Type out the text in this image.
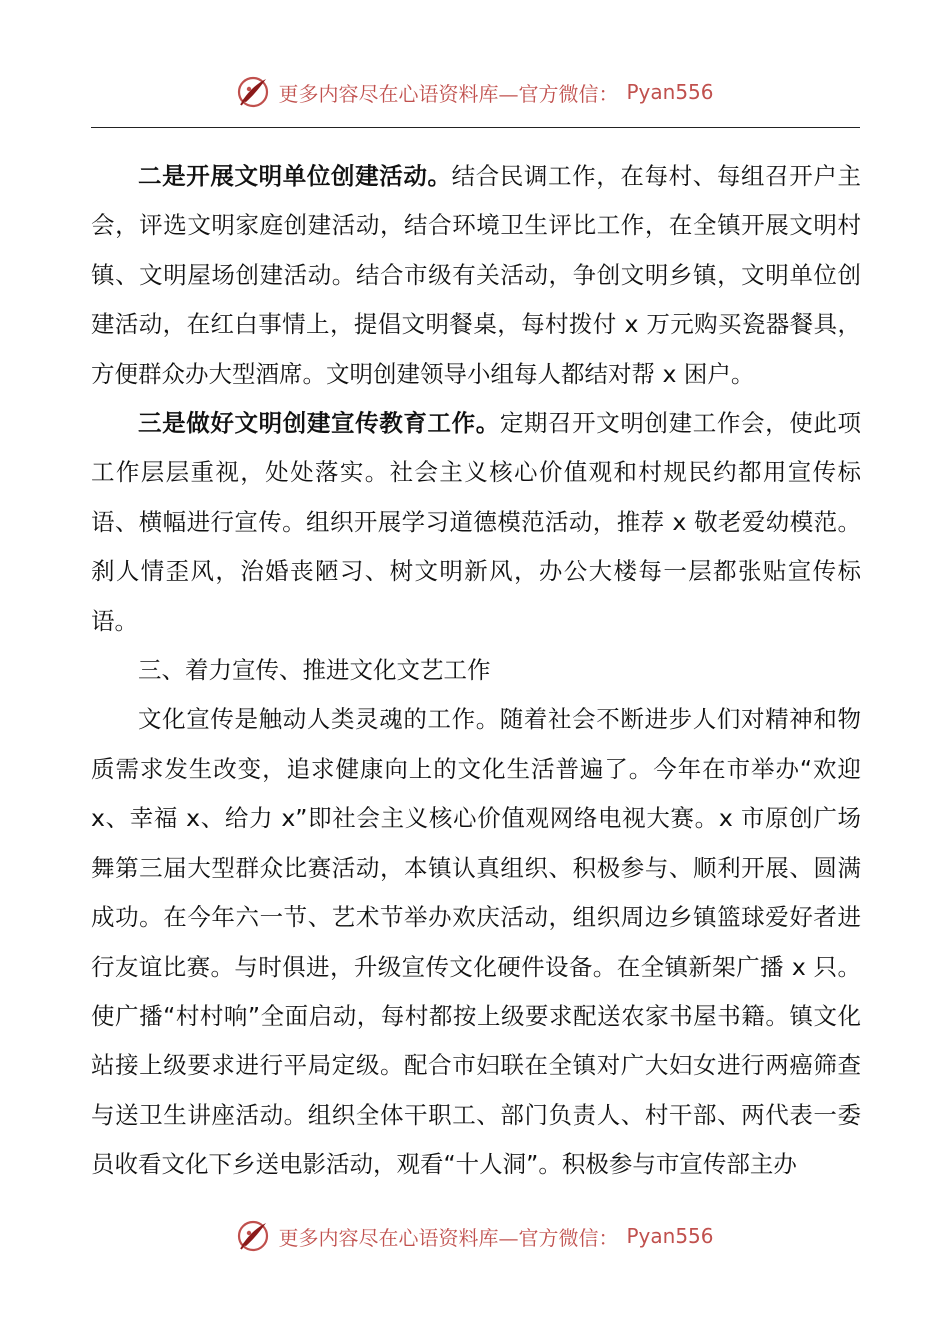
更多内容尽在心语资料库—官方微信： Pyan556

二是开展文明单位创建活动。结合民调工作，在每村、每组召开户主会，评选文明家庭创建活动，结合环境卫生评比工作，在全镇开展文明村镇、文明屋场创建活动。结合市级有关活动，争创文明乡镇，文明单位创建活动，在红白事情上，提倡文明餐桌，每村拨付 x 万元购买瓷器餐具，方便群众办大型酒席。文明创建领导小组每人都结对帮 x 困户。

三是做好文明创建宣传教育工作。定期召开文明创建工作会，使此项工作层层重视，处处落实。社会主义核心价值观和村规民约都用宣传标语、横幅进行宣传。组织开展学习道德模范活动，推荐 x 敬老爱幼模范。刹人情歪风，治婚丧陋习、树文明新风，办公大楼每一层都张贴宣传标语。

三、着力宣传、推进文化文艺工作

文化宣传是触动人类灵魂的工作。随着社会不断进步人们对精神和物质需求发生改变，追求健康向上的文化生活普遍了。今年在市举办“欢迎 x、幸福 x、给力 x”即社会主义核心价值观网络电视大赛。x 市原创广场舞第三届大型群众比赛活动，本镇认真组织、积极参与、顺利开展、圆满成功。在今年六一节、艺术节举办欢庆活动，组织周边乡镇篮球爱好者进行友谊比赛。与时俱进，升级宣传文化硬件设备。在全镇新架广播 x 只。使广播“村村响”全面启动，每村都按上级要求配送农家书屋书籍。镇文化站接上级要求进行平局定级。配合市妇联在全镇对广大妇女进行两癌筛查与送卫生讲座活动。组织全体干职工、部门负责人、村干部、两代表一委员收看文化下乡送电影活动，观看“十人洞”。积极参与市宣传部主办

更多内容尽在心语资料库—官方微信： Pyan556
